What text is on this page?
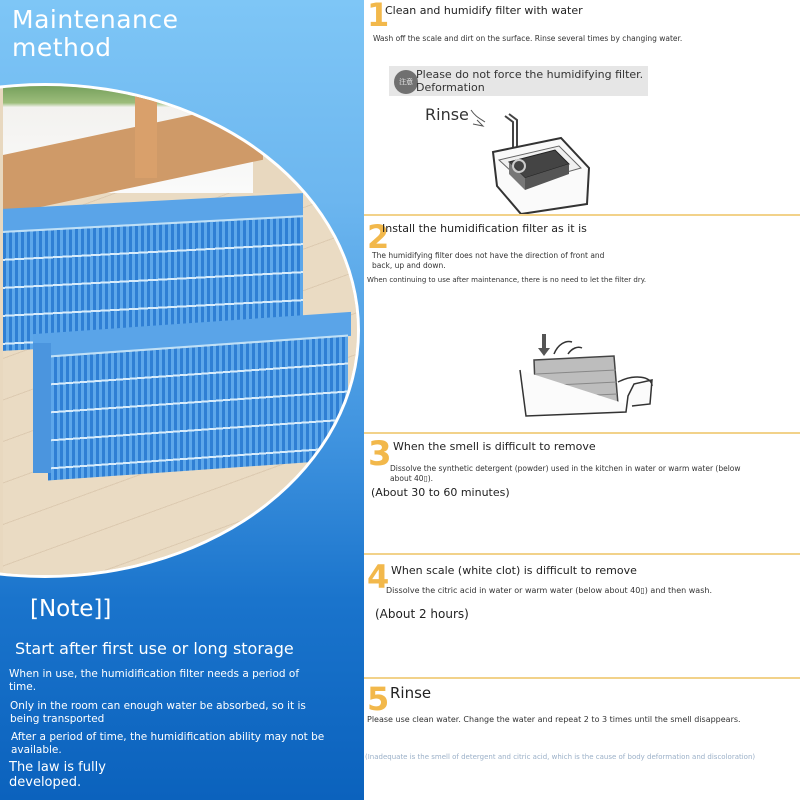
Maintenance
method
[Note]]
Start after first use or long storage
When in use, the humidification filter needs a period of time.
Only in the room can enough water be absorbed, so it is being transported
After a period of time, the humidification ability may not be available.
The law is fully developed.
1
Clean and humidify filter with water
Wash off the scale and dirt on the surface. Rinse several times by changing water.
注意
Please do not force the humidifying filter.
Deformation
Rinse
2
Install the humidification filter as it is
The humidifying filter does not have the direction of front and
back, up and down.
When continuing to use after maintenance, there is no need to let the filter dry.
3 When the smell is difficult to remove
Dissolve the synthetic detergent (powder) used in the kitchen in water or warm water (below
about 40▯).
(About 30 to 60 minutes)
4 When scale (white clot) is difficult to remove
Dissolve the citric acid in water or warm water (below about 40▯) and then wash.
(About 2 hours)
5 Rinse
Please use clean water. Change the water and repeat 2 to 3 times until the smell disappears.
(Inadequate is the smell of detergent and citric acid, which is the cause of body deformation and discoloration)
